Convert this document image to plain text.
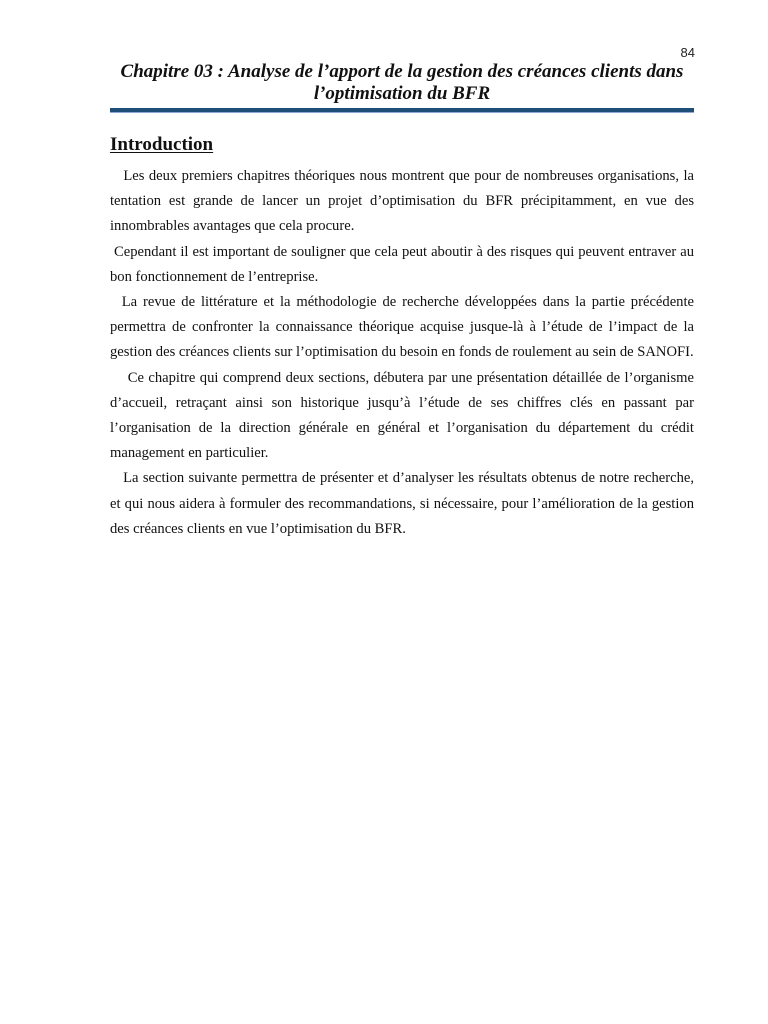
84
Chapitre 03 : Analyse de l’apport de la gestion des créances clients dans l’optimisation du BFR
Introduction

Les deux premiers chapitres théoriques nous montrent que pour de nombreuses organisations, la tentation est grande de lancer un projet d’optimisation du BFR précipitamment, en vue des innombrables avantages que cela procure.

Cependant il est important de souligner que cela peut aboutir à des risques qui peuvent entraver au bon fonctionnement de l’entreprise.

La revue de littérature et la méthodologie de recherche développées dans la partie précédente permettra de confronter la connaissance théorique acquise jusque-là à l’étude de l’impact de la gestion des créances clients sur l’optimisation du besoin en fonds de roulement au sein de SANOFI.

Ce chapitre qui comprend deux sections, débutera par une présentation détaillée de l’organisme d’accueil, retraçant ainsi son historique jusqu’à l’étude de ses chiffres clés en passant par l’organisation de la direction générale en général et l’organisation du département du crédit management en particulier.

La section suivante permettra de présenter et d’analyser les résultats obtenus de notre recherche, et qui nous aidera à formuler des recommandations, si nécessaire, pour l’amélioration de la gestion des créances clients en vue l’optimisation du BFR.
